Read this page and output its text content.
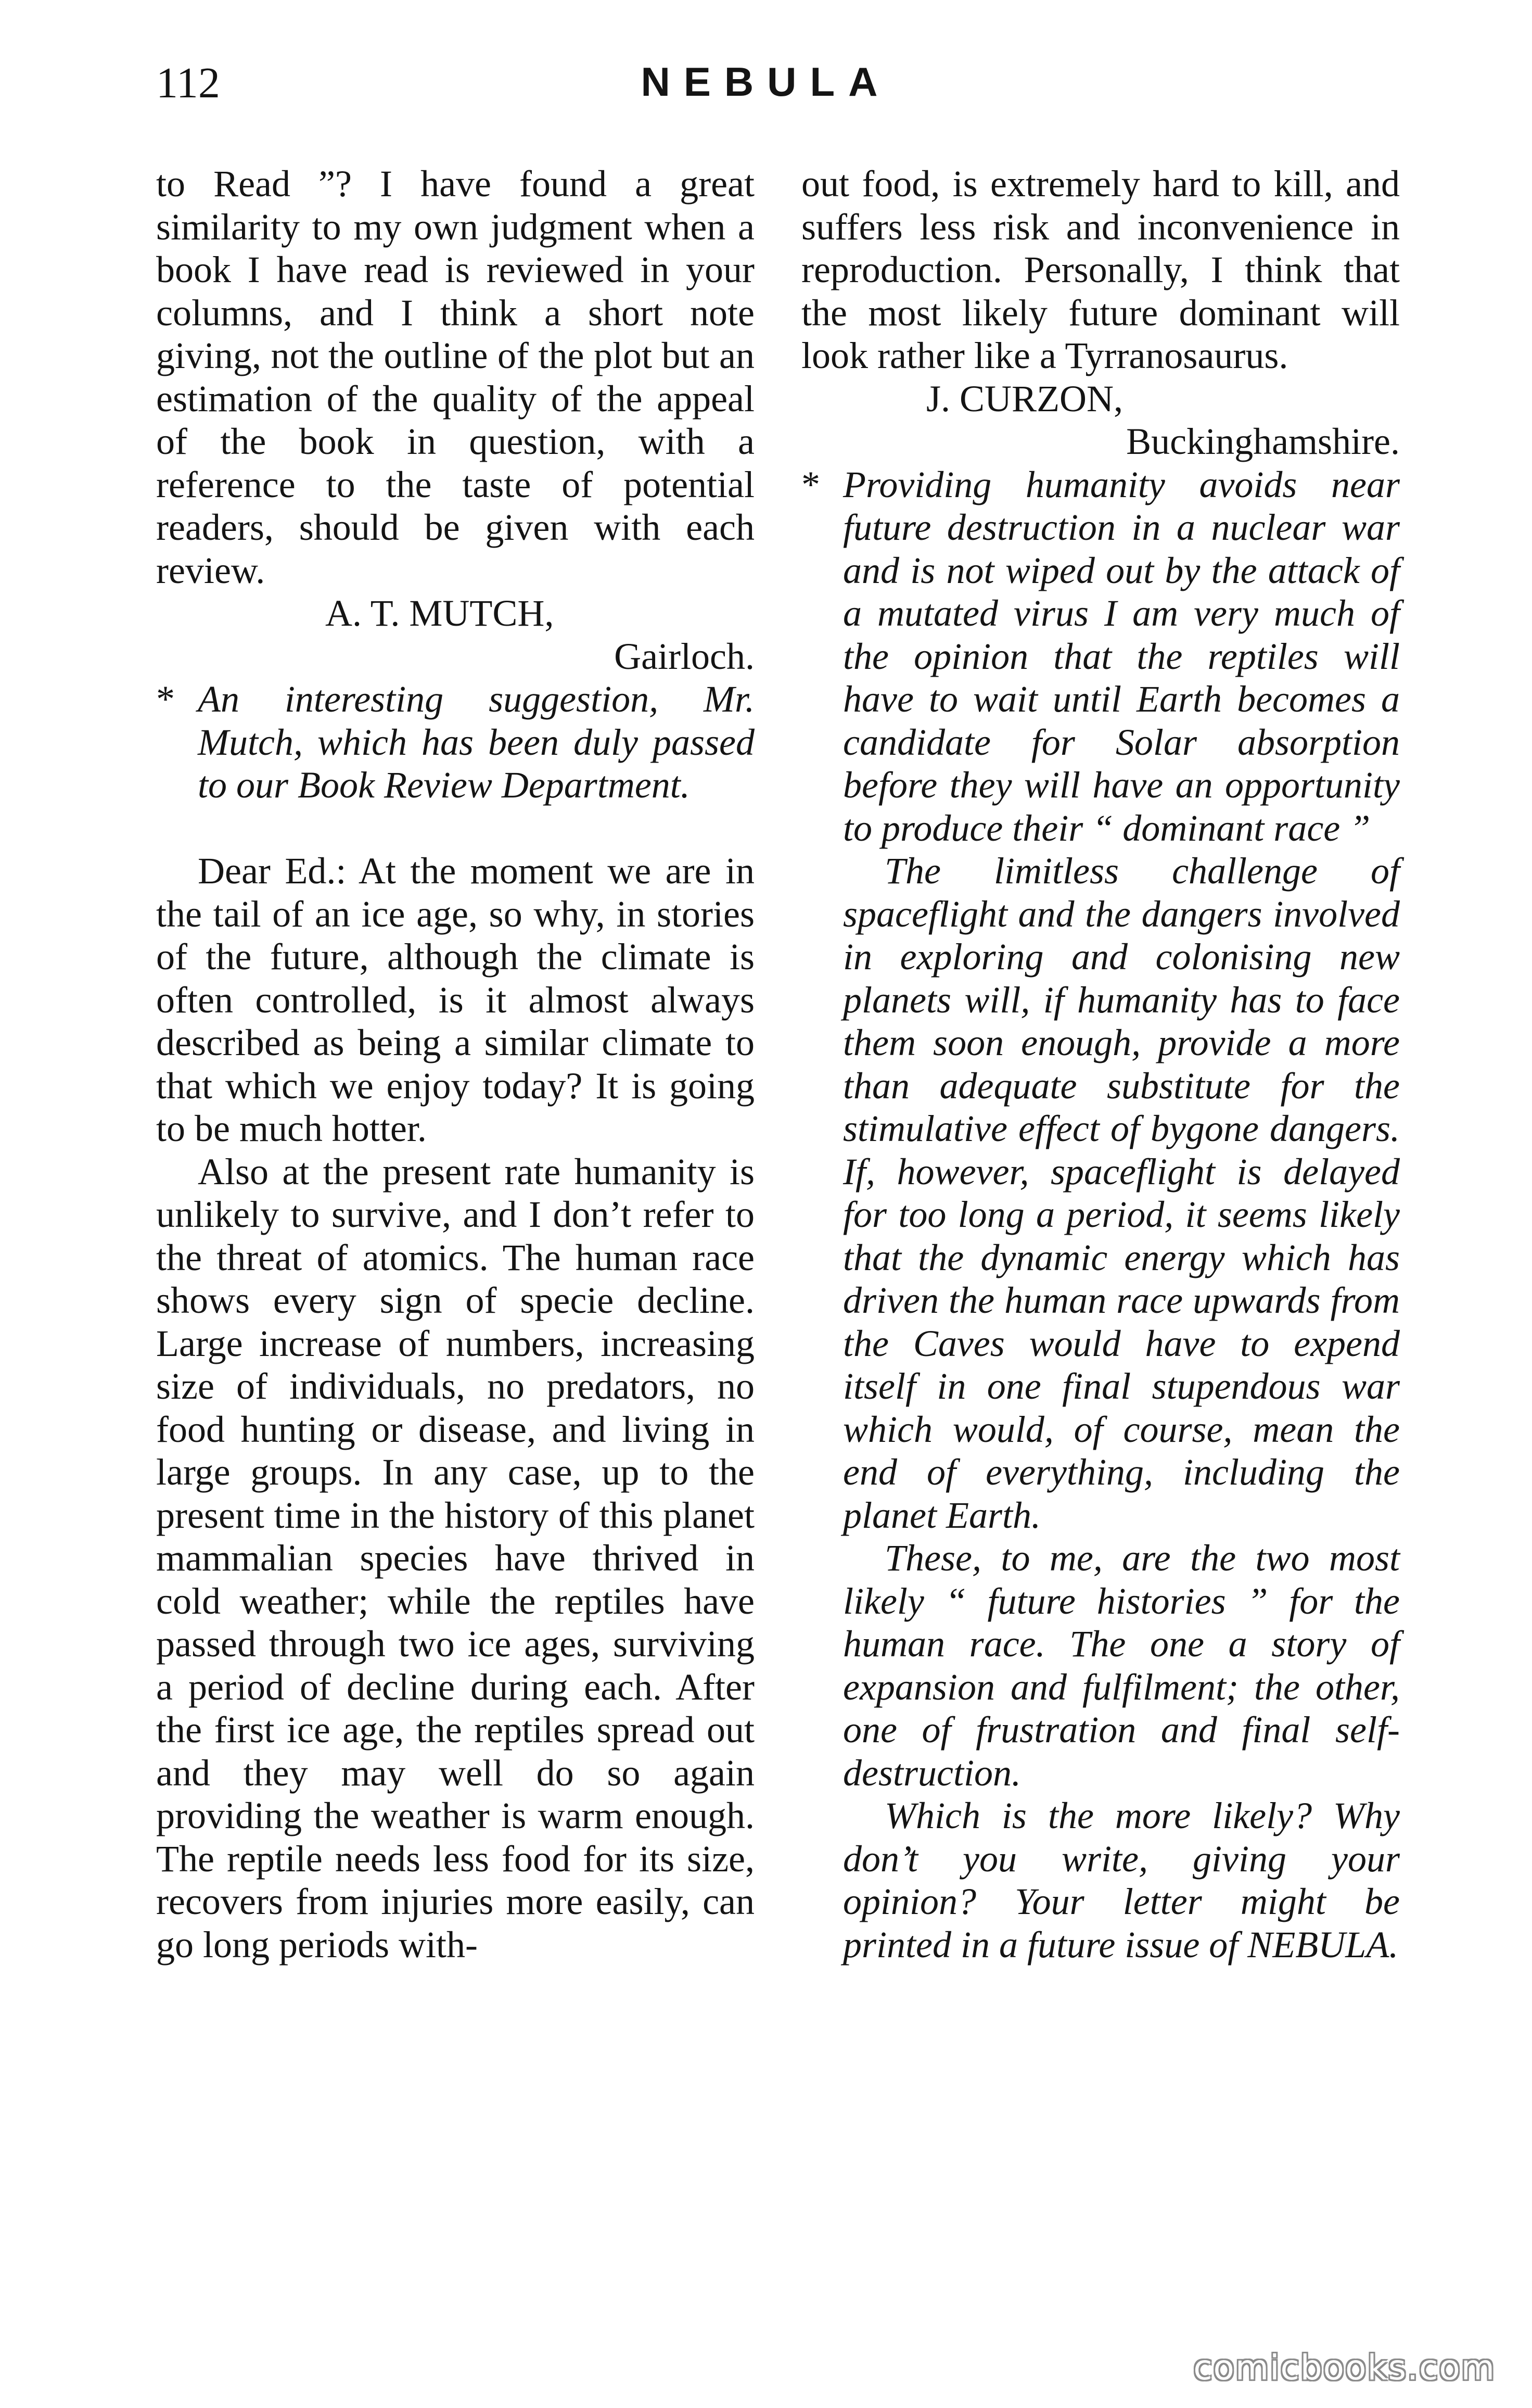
112	NEBULA

to Read ”? I have found a great similarity to my own judgment when a book I have read is reviewed in your columns, and I think a short note giving, not the outline of the plot but an estimation of the quality of the appeal of the book in question, with a reference to the taste of potential readers, should be given with each review.

A. T. MUTCH,

Gairloch.

* An interesting suggestion, Mr. Mutch, which has been duly passed to our Book Review Department.

Dear Ed.: At the moment we are in the tail of an ice age, so why, in stories of the future, although the climate is often controlled, is it almost always described as being a similar climate to that which we enjoy today? It is going to be much hotter.

Also at the present rate humanity is unlikely to survive, and I don’t refer to the threat of atomics. The human race shows every sign of specie decline. Large increase of numbers, increasing size of individuals, no predators, no food hunting or disease, and living in large groups. In any case, up to the present time in the history of this planet mammalian species have thrived in cold weather; while the reptiles have passed through two ice ages, surviving a period of decline during each. After the first ice age, the reptiles spread out and they may well do so again providing the weather is warm enough. The reptile needs less food for its size, recovers from injuries more easily, can go long periods with-

out food, is extremely hard to kill, and suffers less risk and inconvenience in reproduction. Personally, I think that the most likely future dominant will look rather like a Tyrranosaurus.

J. CURZON,

Buckinghamshire.

* Providing humanity avoids near future destruction in a nuclear war and is not wiped out by the attack of a mutated virus I am very much of the opinion that the reptiles will have to wait until Earth becomes a candidate for Solar absorption before they will have an opportunity to produce their “ dominant race ”

The limitless challenge of spaceflight and the dangers involved in exploring and colonising new planets will, if humanity has to face them soon enough, provide a more than adequate substitute for the stimulative effect of bygone dangers. If, however, spaceflight is delayed for too long a period, it seems likely that the dynamic energy which has driven the human race upwards from the Caves would have to expend itself in one final stupendous war which would, of course, mean the end of everything, including the planet Earth.

These, to me, are the two most likely “ future histories ” for the human race. The one a story of expansion and fulfilment; the other, one of frustration and final self-destruction.

Which is the more likely? Why don’t you write, giving your opinion? Your letter might be printed in a future issue of NEBULA.

comicbooks.com
